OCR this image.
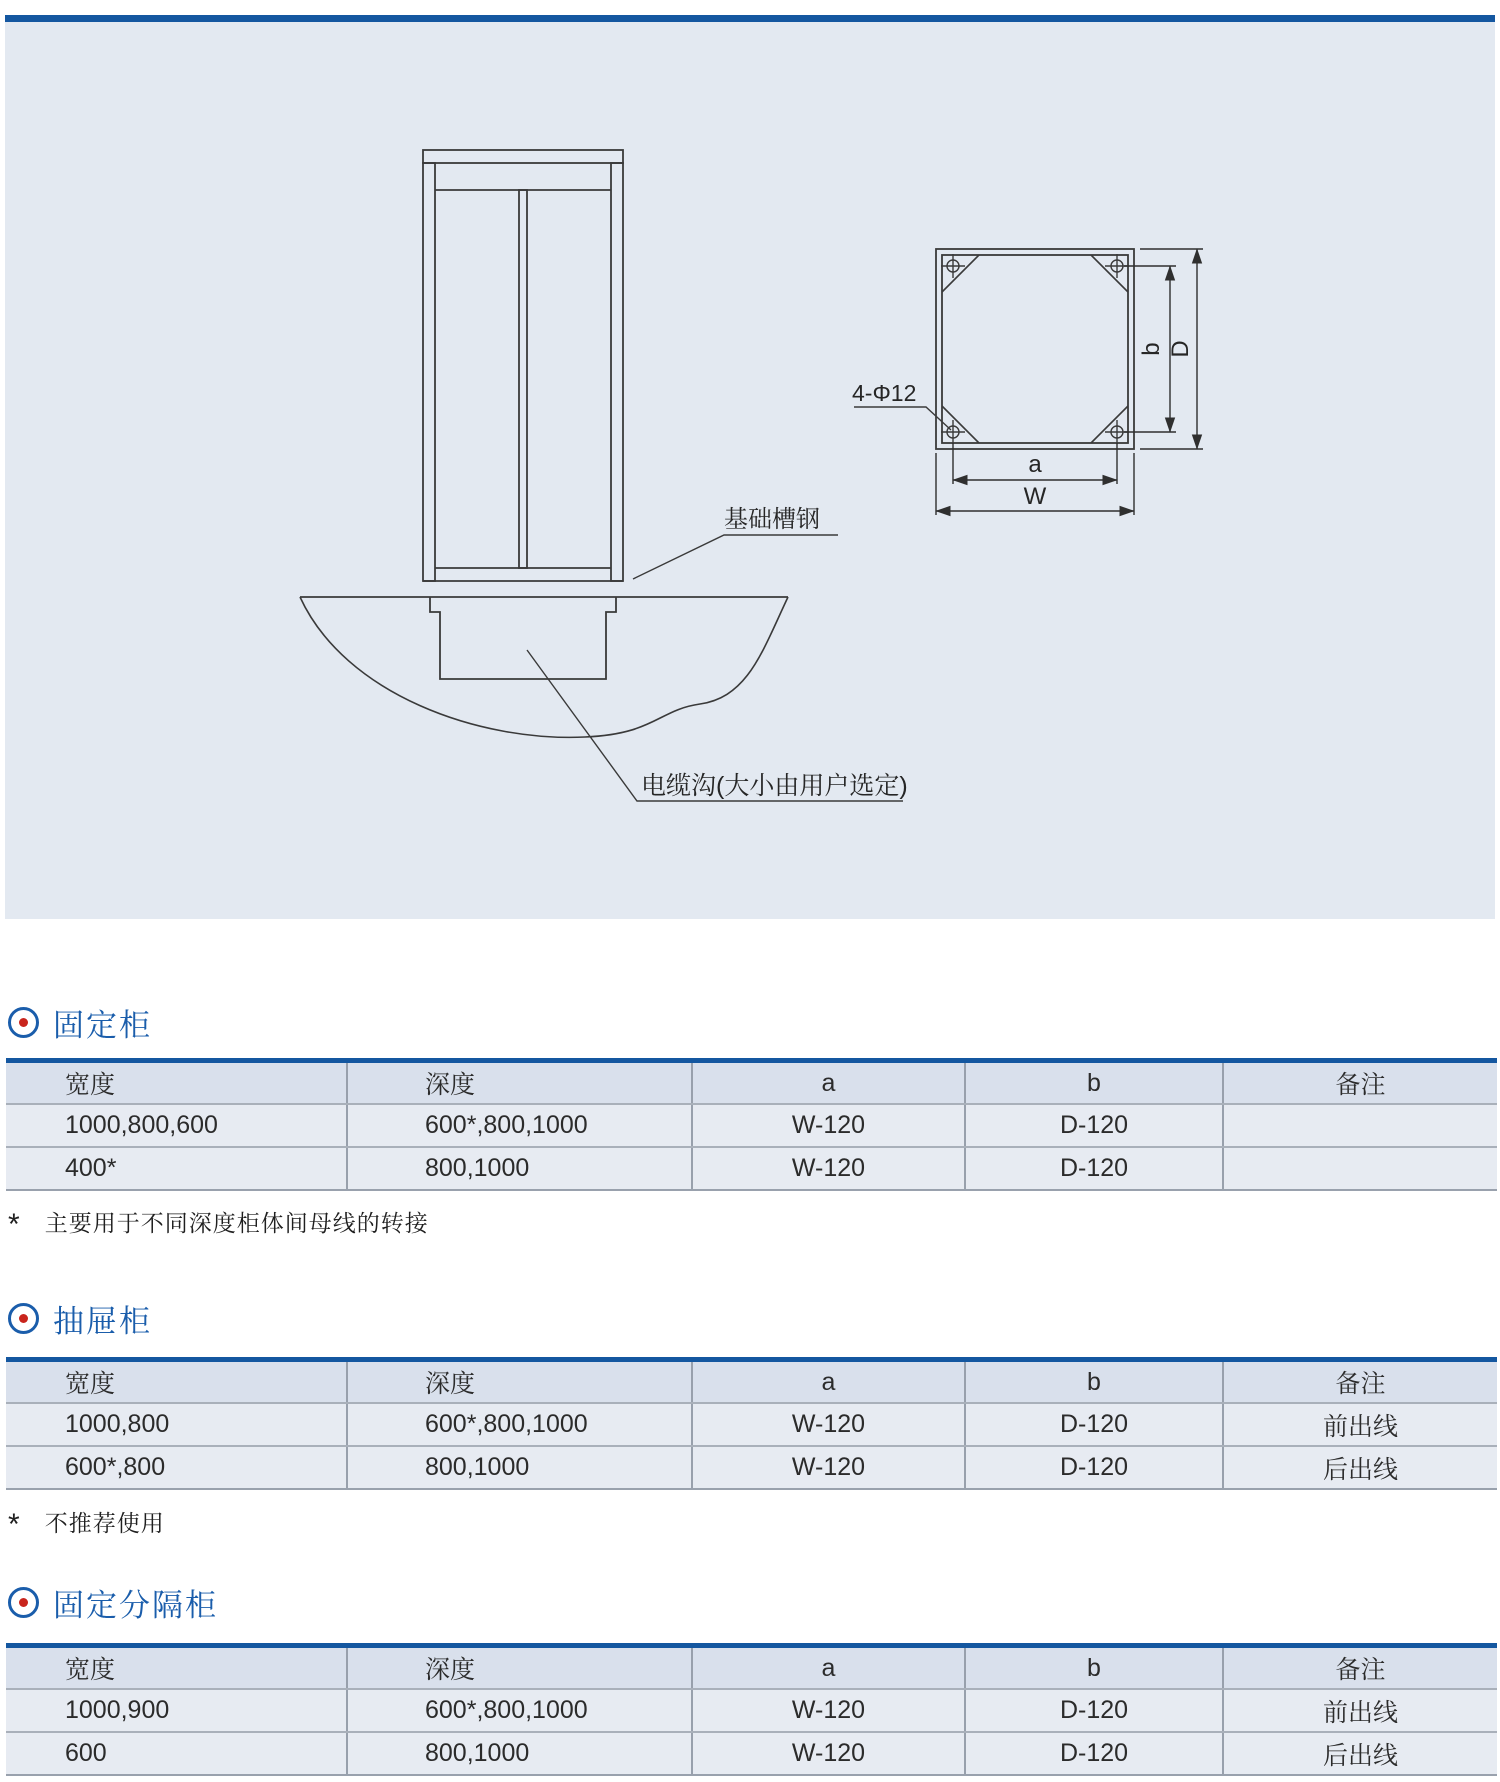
基础槽钢
电缆沟(大小由用户选定)
4-Φ12
a
W
b D
固定柜
宽度	深度	a	b	备注
1000,800,600	600*,800,1000	W-120	D-120
400*	800,1000	W-120	D-120
* 主要用于不同深度柜体间母线的转接
抽屉柜
宽度	深度	a	b	备注
1000,800	600*,800,1000	W-120	D-120	前出线
600*,800	800,1000	W-120	D-120	后出线
* 不推荐使用
固定分隔柜
宽度	深度	a	b	备注
1000,900	600*,800,1000	W-120	D-120	前出线
600	800,1000	W-120	D-120	后出线
